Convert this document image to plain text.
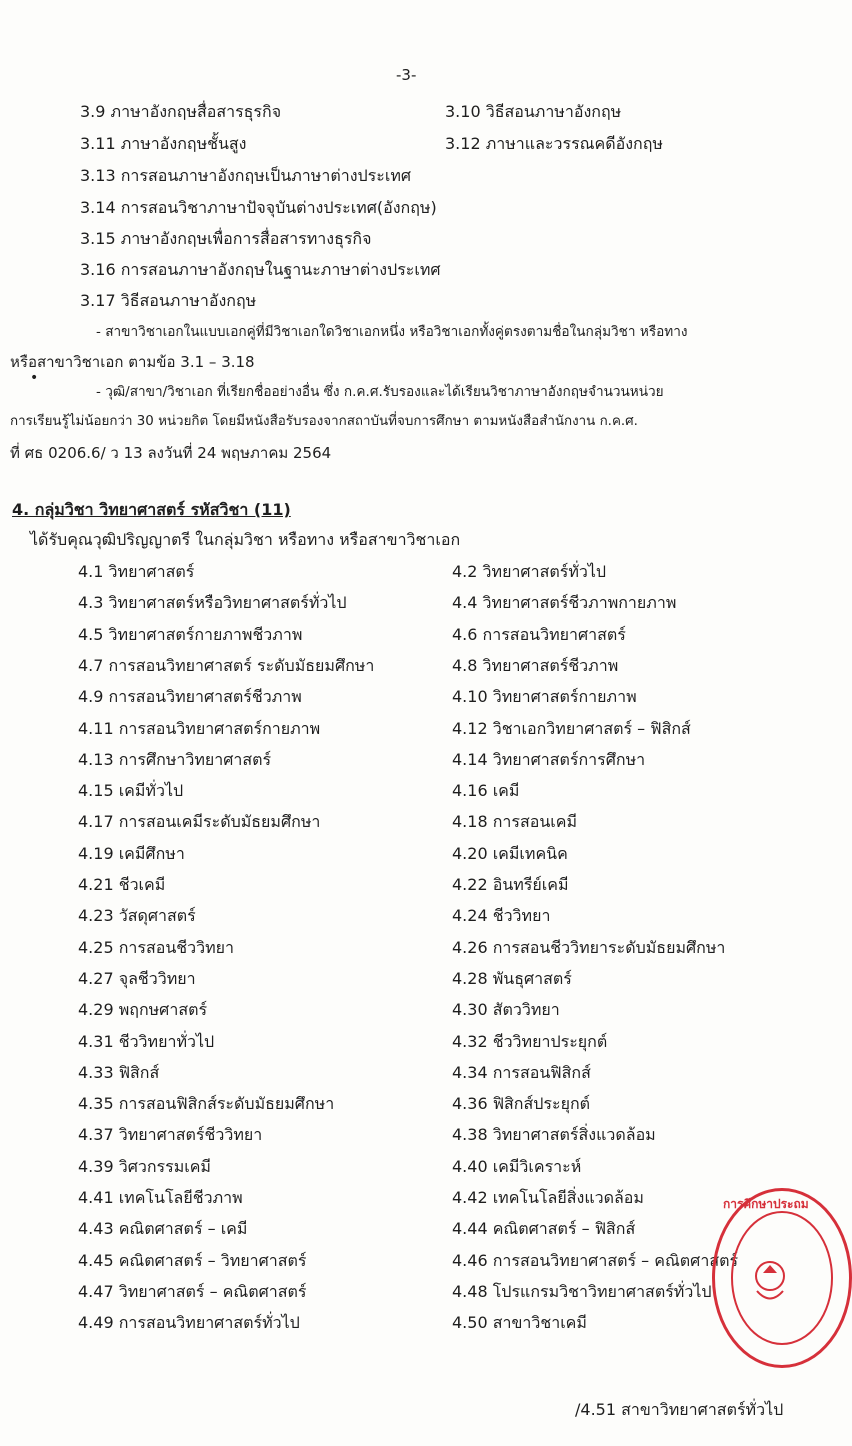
-3-
3.9 ภาษาอังกฤษสื่อสารธุรกิจ	3.10 วิธีสอนภาษาอังกฤษ
3.11 ภาษาอังกฤษชั้นสูง	3.12 ภาษาและวรรณคดีอังกฤษ
3.13 การสอนภาษาอังกฤษเป็นภาษาต่างประเทศ
3.14 การสอนวิชาภาษาปัจจุบันต่างประเทศ(อังกฤษ)
3.15 ภาษาอังกฤษเพื่อการสื่อสารทางธุรกิจ
3.16 การสอนภาษาอังกฤษในฐานะภาษาต่างประเทศ
3.17 วิธีสอนภาษาอังกฤษ
- สาขาวิชาเอกในแบบเอกคู่ที่มีวิชาเอกใดวิชาเอกหนึ่ง หรือวิชาเอกทั้งคู่ตรงตามชื่อในกลุ่มวิชา หรือทาง
หรือสาขาวิชาเอก ตามข้อ 3.1 – 3.18
•
- วุฒิ/สาขา/วิชาเอก ที่เรียกชื่ออย่างอื่น ซึ่ง ก.ค.ศ.รับรองและได้เรียนวิชาภาษาอังกฤษจำนวนหน่วย
การเรียนรู้ไม่น้อยกว่า 30 หน่วยกิต โดยมีหนังสือรับรองจากสถาบันที่จบการศึกษา ตามหนังสือสำนักงาน ก.ค.ศ.
ที่ ศธ 0206.6/ ว 13 ลงวันที่ 24 พฤษภาคม 2564
4. กลุ่มวิชา วิทยาศาสตร์ รหัสวิชา (11)
ได้รับคุณวุฒิปริญญาตรี ในกลุ่มวิชา หรือทาง หรือสาขาวิชาเอก
4.1 วิทยาศาสตร์	4.2 วิทยาศาสตร์ทั่วไป
4.3 วิทยาศาสตร์หรือวิทยาศาสตร์ทั่วไป	4.4 วิทยาศาสตร์ชีวภาพกายภาพ
4.5 วิทยาศาสตร์กายภาพชีวภาพ	4.6 การสอนวิทยาศาสตร์
4.7 การสอนวิทยาศาสตร์ ระดับมัธยมศึกษา	4.8 วิทยาศาสตร์ชีวภาพ
4.9 การสอนวิทยาศาสตร์ชีวภาพ	4.10 วิทยาศาสตร์กายภาพ
4.11 การสอนวิทยาศาสตร์กายภาพ	4.12 วิชาเอกวิทยาศาสตร์ – ฟิสิกส์
4.13 การศึกษาวิทยาศาสตร์	4.14 วิทยาศาสตร์การศึกษา
4.15 เคมีทั่วไป	4.16 เคมี
4.17 การสอนเคมีระดับมัธยมศึกษา	4.18 การสอนเคมี
4.19 เคมีศึกษา	4.20 เคมีเทคนิค
4.21 ชีวเคมี	4.22 อินทรีย์เคมี
4.23 วัสดุศาสตร์	4.24 ชีววิทยา
4.25 การสอนชีววิทยา	4.26 การสอนชีววิทยาระดับมัธยมศึกษา
4.27 จุลชีววิทยา	4.28 พันธุศาสตร์
4.29 พฤกษศาสตร์	4.30 สัตววิทยา
4.31 ชีววิทยาทั่วไป	4.32 ชีววิทยาประยุกต์
4.33 ฟิสิกส์	4.34 การสอนฟิสิกส์
4.35 การสอนฟิสิกส์ระดับมัธยมศึกษา	4.36 ฟิสิกส์ประยุกต์
4.37 วิทยาศาสตร์ชีววิทยา	4.38 วิทยาศาสตร์สิ่งแวดล้อม
4.39 วิศวกรรมเคมี	4.40 เคมีวิเคราะห์
4.41 เทคโนโลยีชีวภาพ	4.42 เทคโนโลยีสิ่งแวดล้อม
4.43 คณิตศาสตร์ – เคมี	4.44 คณิตศาสตร์ – ฟิสิกส์
4.45 คณิตศาสตร์ – วิทยาศาสตร์	4.46 การสอนวิทยาศาสตร์ – คณิตศาสตร์
4.47 วิทยาศาสตร์ – คณิตศาสตร์	4.48 โปรแกรมวิชาวิทยาศาสตร์ทั่วไป
4.49 การสอนวิทยาศาสตร์ทั่วไป	4.50 สาขาวิชาเคมี
/4.51 สาขาวิทยาศาสตร์ทั่วไป
การศึกษาประถม
